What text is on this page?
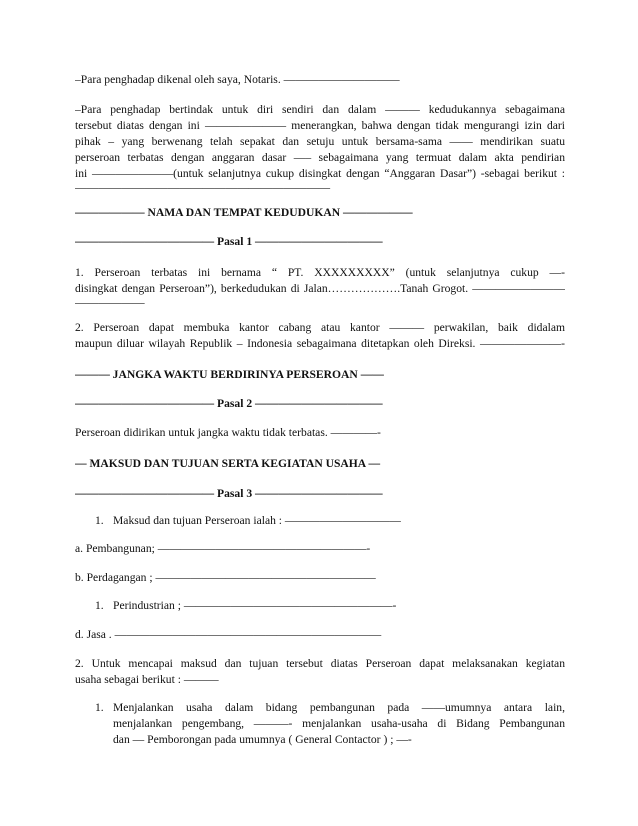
–Para penghadap dikenal oleh saya, Notaris. ——————————
–Para penghadap bertindak untuk diri sendiri dan dalam ——— kedudukannya sebagaimana
tersebut diatas dengan ini ——————— menerangkan, bahwa dengan tidak mengurangi izin dari
pihak – yang berwenang telah sepakat dan setuju untuk bersama-sama —— mendirikan suatu
perseroan terbatas dengan anggaran dasar —– sebagaimana yang termuat dalam akta pendirian
ini ———————(untuk selanjutnya cukup disingkat dengan “Anggaran Dasar”) -sebagai berikut :
——————————————————————
—————— NAMA DAN TEMPAT KEDUDUKAN ——————
———————————— Pasal 1 ———————————
1. Perseroan terbatas ini bernama “ PT. XXXXXXXXX” (untuk selanjutnya cukup —-
disingkat dengan Perseroan”), berkedudukan di Jalan……………….Tanah Grogot. ————————
——————
2. Perseroan dapat membuka kantor cabang atau kantor ——— perwakilan, baik didalam
maupun diluar wilayah Republik – Indonesia sebagaimana ditetapkan oleh Direksi. ———————-
——— JANGKA WAKTU BERDIRINYA PERSEROAN ——
———————————— Pasal 2 ———————————
Perseroan didirikan untuk jangka waktu tidak terbatas. ————-
— MAKSUD DAN TUJUAN SERTA KEGIATAN USAHA —
———————————— Pasal 3 ———————————
1. Maksud dan tujuan Perseroan ialah : ——————————
a. Pembangunan; ——————————————————-
b. Perdagangan ; ———————————————————
1. Perindustrian ; ——————————————————-
d. Jasa . ———————————————————————
2. Untuk mencapai maksud dan tujuan tersebut diatas Perseroan dapat melaksanakan kegiatan
usaha sebagai berikut : ———
1. Menjalankan usaha dalam bidang pembangunan pada ——umumnya antara lain,
menjalankan pengembang, ———- menjalankan usaha-usaha di Bidang Pembangunan
dan — Pemborongan pada umumnya ( General Contactor ) ; —-
